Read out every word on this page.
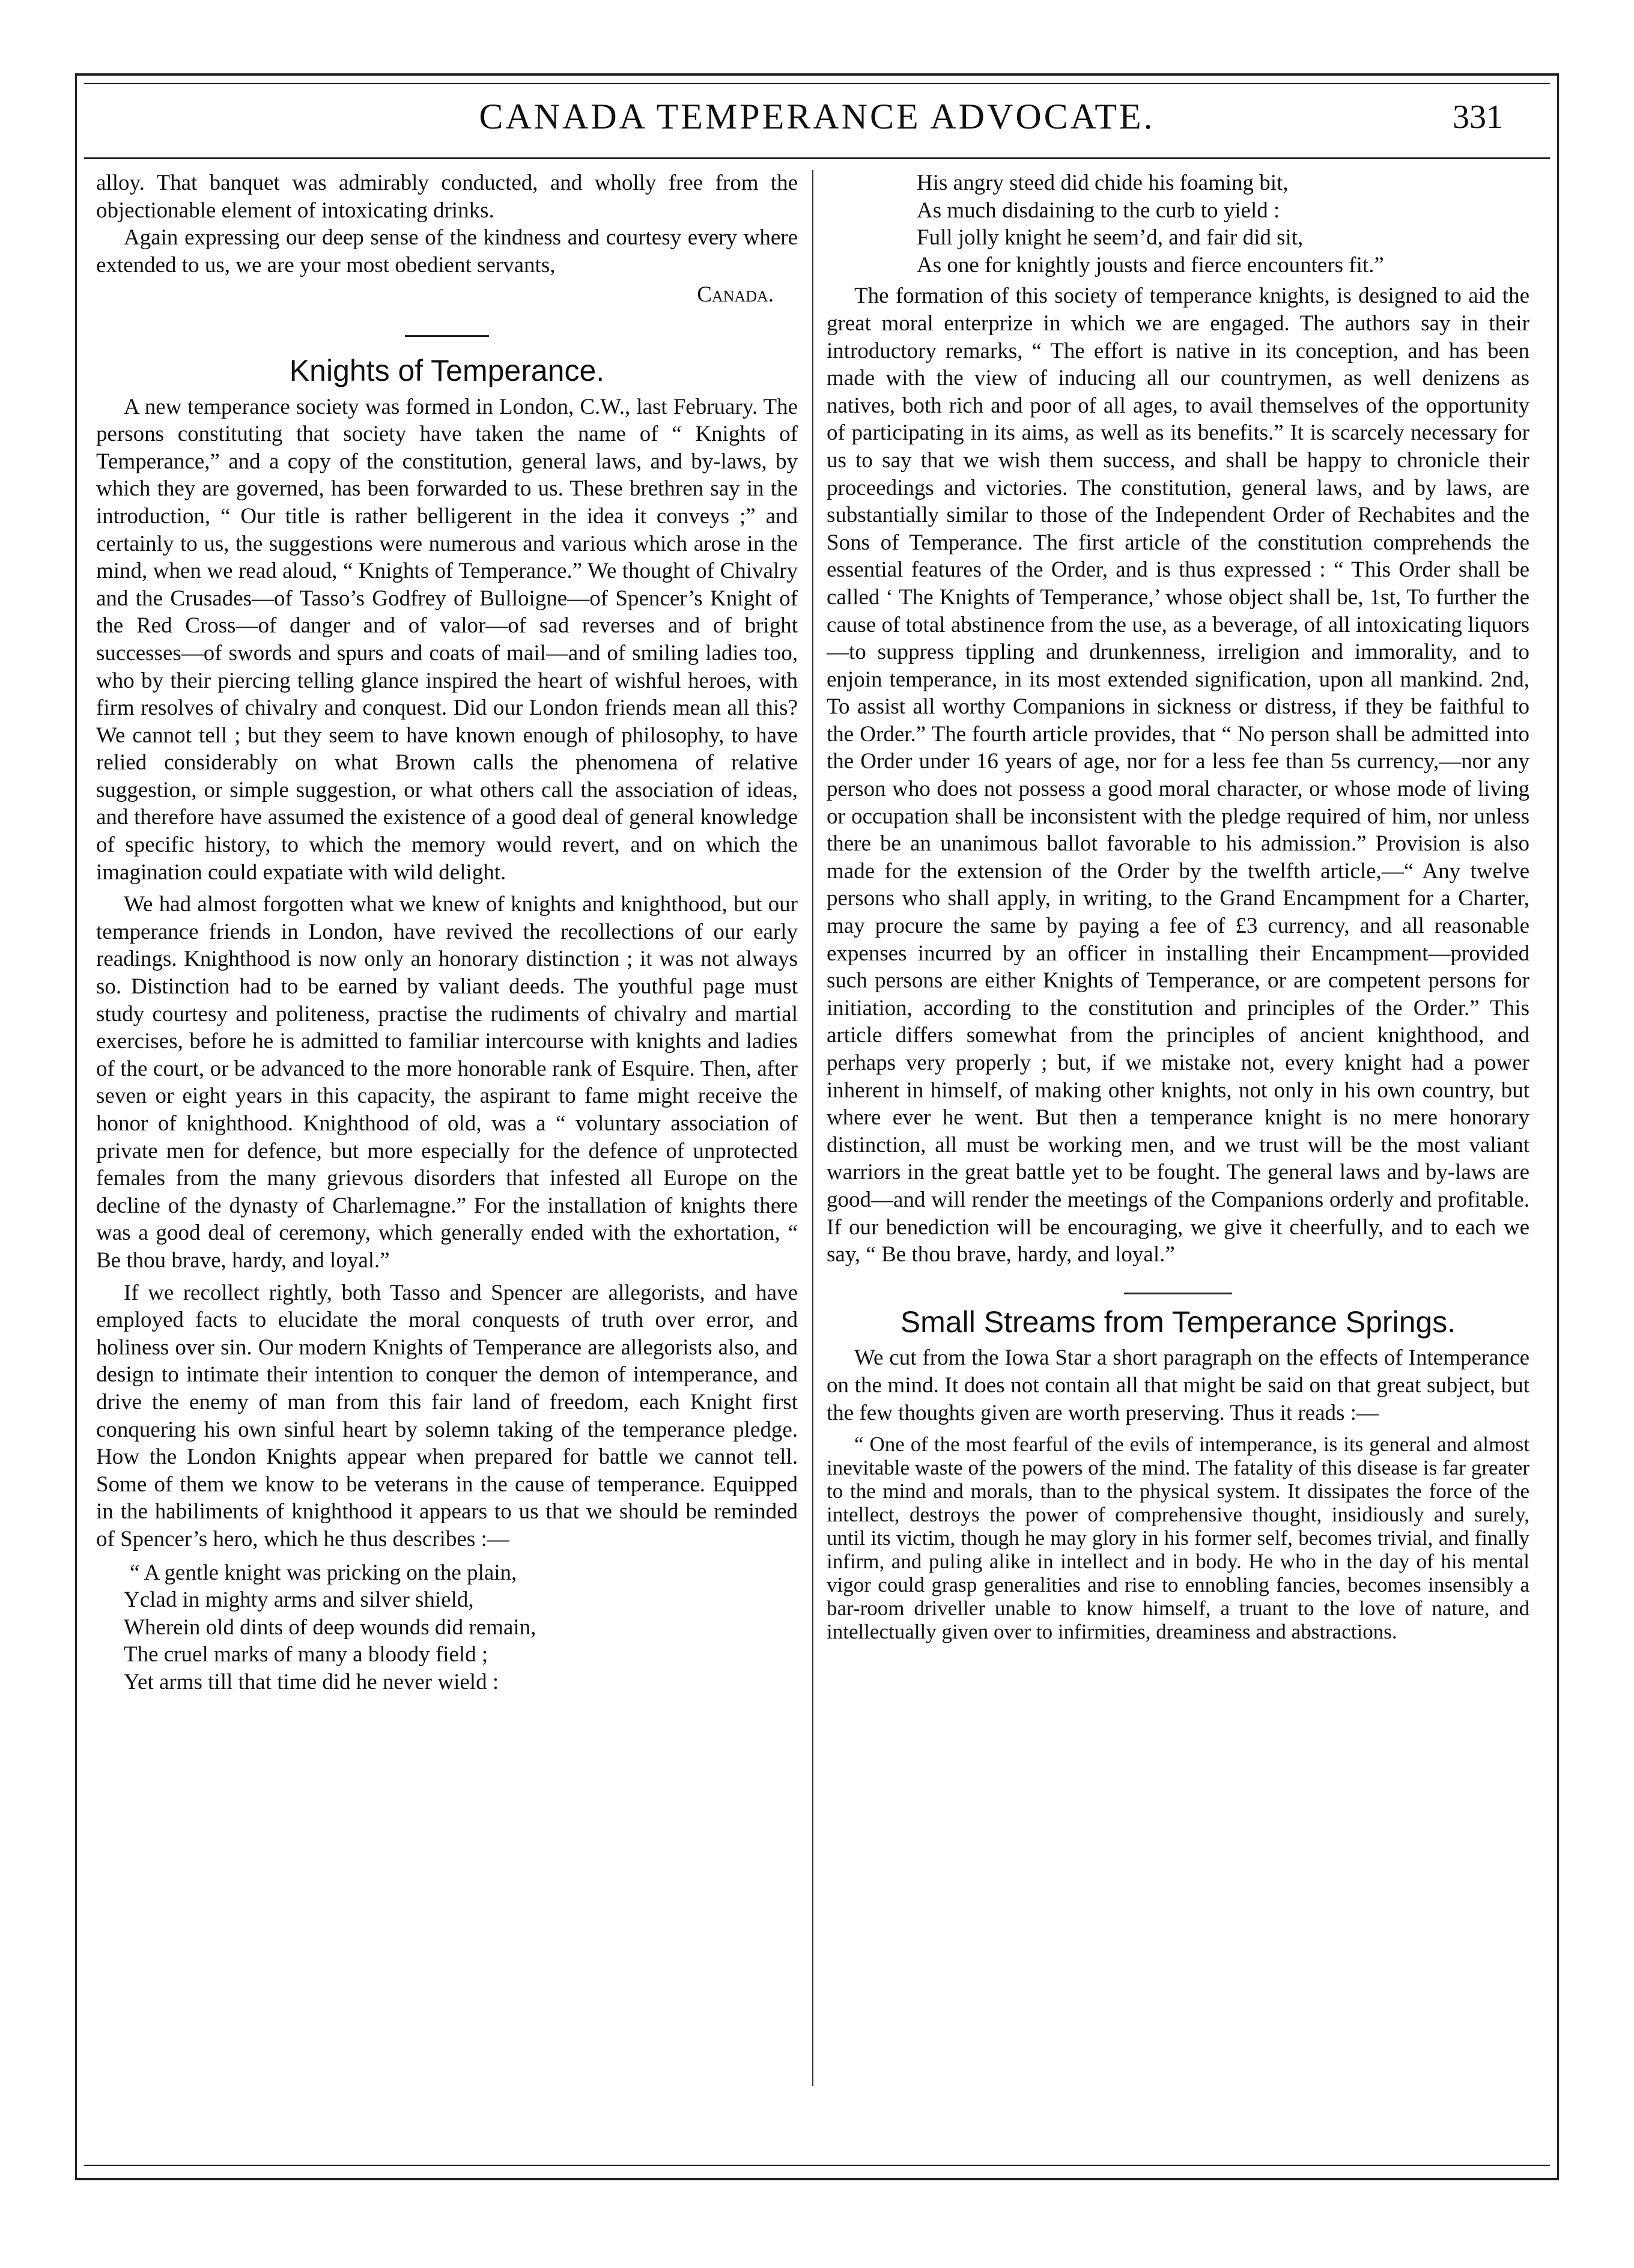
CANADA TEMPERANCE ADVOCATE.	331

alloy. That banquet was admirably conducted, and wholly free from the objectionable element of intoxicating drinks.

Again expressing our deep sense of the kindness and courtesy every where extended to us, we are your most obedient servants,

Canada.
Knights of Temperance.

A new temperance society was formed in London, C.W., last February. The persons constituting that society have taken the name of “ Knights of Temperance,” and a copy of the constitution, general laws, and by-laws, by which they are governed, has been forwarded to us. These brethren say in the introduction, “ Our title is rather belligerent in the idea it conveys ;” and certainly to us, the suggestions were numerous and various which arose in the mind, when we read aloud, “ Knights of Temperance.” We thought of Chivalry and the Crusades—of Tasso’s Godfrey of Bulloigne—of Spencer’s Knight of the Red Cross—of danger and of valor—of sad reverses and of bright successes—of swords and spurs and coats of mail—and of smiling ladies too, who by their piercing telling glance inspired the heart of wishful heroes, with firm resolves of chivalry and conquest. Did our London friends mean all this? We cannot tell ; but they seem to have known enough of philosophy, to have relied considerably on what Brown calls the phenomena of relative suggestion, or simple suggestion, or what others call the association of ideas, and therefore have assumed the existence of a good deal of general knowledge of specific history, to which the memory would revert, and on which the imagination could expatiate with wild delight.

We had almost forgotten what we knew of knights and knighthood, but our temperance friends in London, have revived the recollections of our early readings. Knighthood is now only an honorary distinction ; it was not always so. Distinction had to be earned by valiant deeds. The youthful page must study courtesy and politeness, practise the rudiments of chivalry and martial exercises, before he is admitted to familiar intercourse with knights and ladies of the court, or be advanced to the more honorable rank of Esquire. Then, after seven or eight years in this capacity, the aspirant to fame might receive the honor of knighthood. Knighthood of old, was a “ voluntary association of private men for defence, but more especially for the defence of unprotected females from the many grievous disorders that infested all Europe on the decline of the dynasty of Charlemagne.” For the installation of knights there was a good deal of ceremony, which generally ended with the exhortation, “ Be thou brave, hardy, and loyal.”

If we recollect rightly, both Tasso and Spencer are allegorists, and have employed facts to elucidate the moral conquests of truth over error, and holiness over sin. Our modern Knights of Temperance are allegorists also, and design to intimate their intention to conquer the demon of intemperance, and drive the enemy of man from this fair land of freedom, each Knight first conquering his own sinful heart by solemn taking of the temperance pledge. How the London Knights appear when prepared for battle we cannot tell. Some of them we know to be veterans in the cause of temperance. Equipped in the habiliments of knighthood it appears to us that we should be reminded of Spencer’s hero, which he thus describes :—

“ A gentle knight was pricking on the plain,
Yclad in mighty arms and silver shield,
Wherein old dints of deep wounds did remain,
The cruel marks of many a bloody field ;
Yet arms till that time did he never wield :
His angry steed did chide his foaming bit,
As much disdaining to the curb to yield :
Full jolly knight he seem’d, and fair did sit,
As one for knightly jousts and fierce encounters fit.”

The formation of this society of temperance knights, is designed to aid the great moral enterprize in which we are engaged. The authors say in their introductory remarks, “ The effort is native in its conception, and has been made with the view of inducing all our countrymen, as well denizens as natives, both rich and poor of all ages, to avail themselves of the opportunity of participating in its aims, as well as its benefits.” It is scarcely necessary for us to say that we wish them success, and shall be happy to chronicle their proceedings and victories. The constitution, general laws, and by laws, are substantially similar to those of the Independent Order of Rechabites and the Sons of Temperance. The first article of the constitution comprehends the essential features of the Order, and is thus expressed : “ This Order shall be called ‘ The Knights of Temperance,’ whose object shall be, 1st, To further the cause of total abstinence from the use, as a beverage, of all intoxicating liquors—to suppress tippling and drunkenness, irreligion and immorality, and to enjoin temperance, in its most extended signification, upon all mankind. 2nd, To assist all worthy Companions in sickness or distress, if they be faithful to the Order.” The fourth article provides, that “ No person shall be admitted into the Order under 16 years of age, nor for a less fee than 5s currency,—nor any person who does not possess a good moral character, or whose mode of living or occupation shall be inconsistent with the pledge required of him, nor unless there be an unanimous ballot favorable to his admission.” Provision is also made for the extension of the Order by the twelfth article,—“ Any twelve persons who shall apply, in writing, to the Grand Encampment for a Charter, may procure the same by paying a fee of £3 currency, and all reasonable expenses incurred by an officer in installing their Encampment—provided such persons are either Knights of Temperance, or are competent persons for initiation, according to the constitution and principles of the Order.” This article differs somewhat from the principles of ancient knighthood, and perhaps very properly ; but, if we mistake not, every knight had a power inherent in himself, of making other knights, not only in his own country, but where ever he went. But then a temperance knight is no mere honorary distinction, all must be working men, and we trust will be the most valiant warriors in the great battle yet to be fought. The general laws and by-laws are good—and will render the meetings of the Companions orderly and profitable. If our benediction will be encouraging, we give it cheerfully, and to each we say, “ Be thou brave, hardy, and loyal.”

Small Streams from Temperance Springs.

We cut from the Iowa Star a short paragraph on the effects of Intemperance on the mind. It does not contain all that might be said on that great subject, but the few thoughts given are worth preserving. Thus it reads :—

“ One of the most fearful of the evils of intemperance, is its general and almost inevitable waste of the powers of the mind. The fatality of this disease is far greater to the mind and morals, than to the physical system. It dissipates the force of the intellect, destroys the power of comprehensive thought, insidiously and surely, until its victim, though he may glory in his former self, becomes trivial, and finally infirm, and puling alike in intellect and in body. He who in the day of his mental vigor could grasp generalities and rise to ennobling fancies, becomes insensibly a bar-room driveller unable to know himself, a truant to the love of nature, and intellectually given over to infirmities, dreaminess and abstractions.
